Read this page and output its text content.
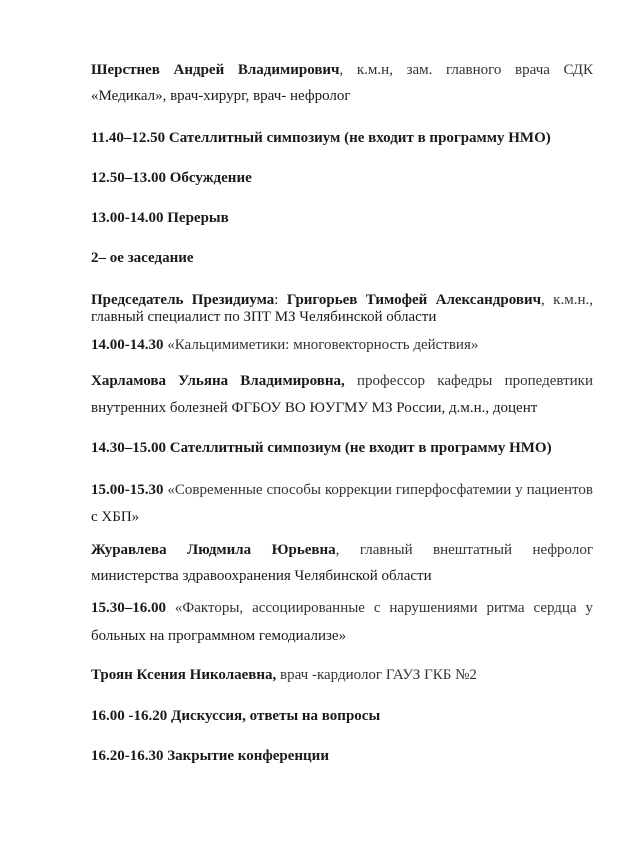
Шерстнев Андрей Владимирович, к.м.н, зам. главного врача СДК
«Медикал», врач-хирург, врач- нефролог
11.40–12.50 Сателлитный симпозиум (не входит в программу НМО)
12.50–13.00 Обсуждение
13.00-14.00 Перерыв
2– ое заседание
Председатель Президиума: Григорьев Тимофей Александрович, к.м.н.,
главный специалист по ЗПТ МЗ Челябинской области
14.00-14.30 «Кальцимиметики: многовекторность действия»
Харламова Ульяна Владимировна, профессор кафедры пропедевтики
внутренних болезней ФГБОУ ВО ЮУГМУ МЗ России, д.м.н., доцент
14.30–15.00 Сателлитный симпозиум (не входит в программу НМО)
15.00-15.30 «Современные способы коррекции гиперфосфатемии у пациентов
с ХБП»
Журавлева Людмила Юрьевна, главный внештатный нефролог
министерства здравоохранения Челябинской области
15.30–16.00 «Факторы, ассоциированные с нарушениями ритма сердца у
больных на программном гемодиализе»
Троян Ксения Николаевна, врач -кардиолог ГАУЗ ГКБ №2
16.00 -16.20 Дискуссия, ответы на вопросы
16.20-16.30 Закрытие конференции
